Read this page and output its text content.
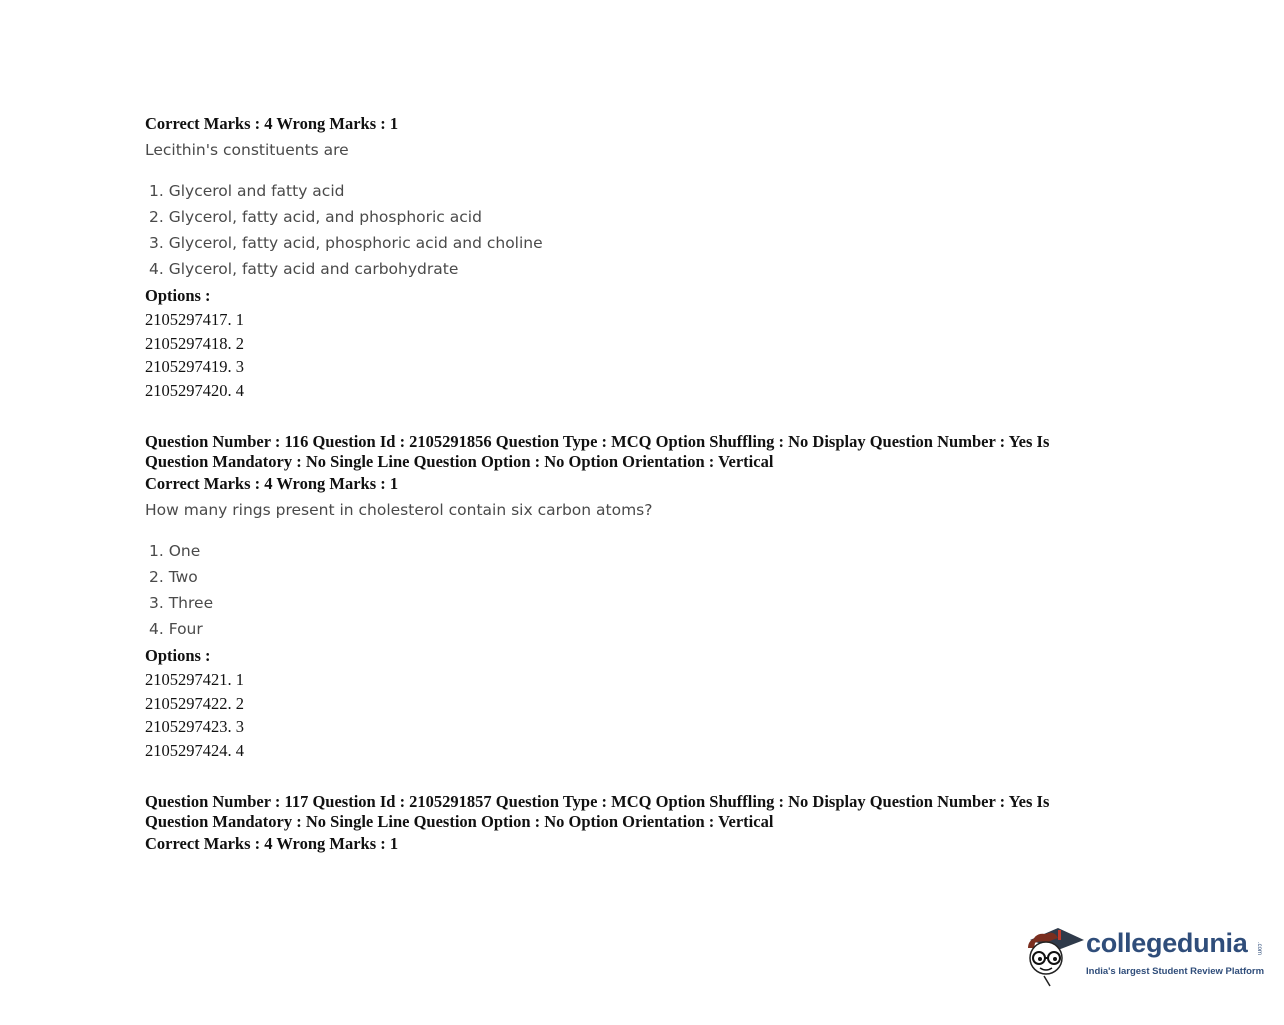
Correct Marks : 4 Wrong Marks : 1

Lecithin's constituents are

1. Glycerol and fatty acid
2. Glycerol, fatty acid, and phosphoric acid
3. Glycerol, fatty acid, phosphoric acid and choline
4. Glycerol, fatty acid and carbohydrate
Options :
2105297417. 1
2105297418. 2
2105297419. 3
2105297420. 4

Question Number : 116 Question Id : 2105291856 Question Type : MCQ Option Shuffling : No Display Question Number : Yes Is Question Mandatory : No Single Line Question Option : No Option Orientation : Vertical

Correct Marks : 4 Wrong Marks : 1

How many rings present in cholesterol contain six carbon atoms?

1. One
2. Two
3. Three
4. Four
Options :
2105297421. 1
2105297422. 2
2105297423. 3
2105297424. 4

Question Number : 117 Question Id : 2105291857 Question Type : MCQ Option Shuffling : No Display Question Number : Yes Is Question Mandatory : No Single Line Question Option : No Option Orientation : Vertical

Correct Marks : 4 Wrong Marks : 1

collegedunia .com
India's largest Student Review Platform
